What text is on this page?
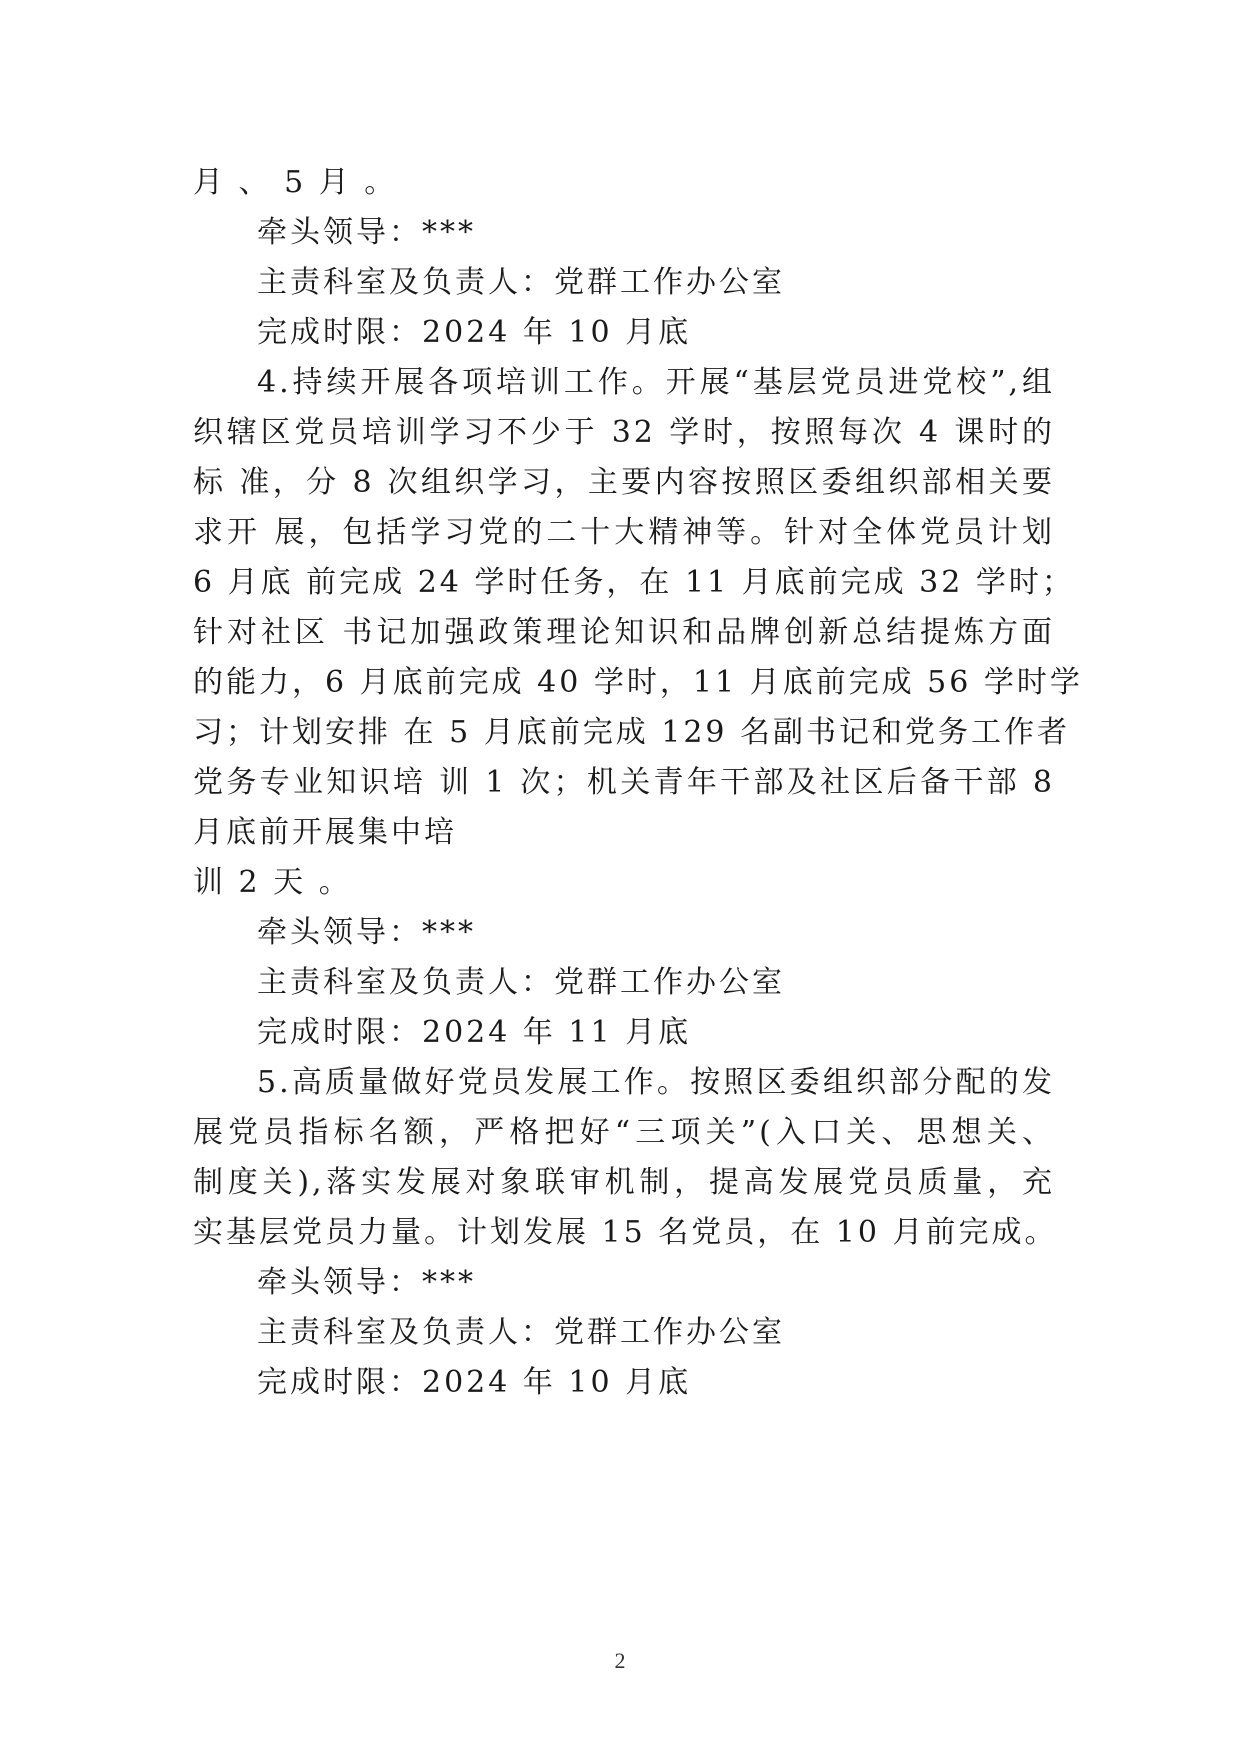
月 、 5 月 。
牵头领导：***
主责科室及负责人：党群工作办公室
完成时限：2024 年 10 月底
4.持续开展各项培训工作。开展“基层党员进党校”,组
织辖区党员培训学习不少于 32 学时，按照每次 4 课时的
标 准，分 8 次组织学习，主要内容按照区委组织部相关要
求开 展，包括学习党的二十大精神等。针对全体党员计划
6 月底 前完成 24 学时任务，在 11 月底前完成 32 学时；
针对社区 书记加强政策理论知识和品牌创新总结提炼方面
的能力，6 月底前完成 40 学时，11 月底前完成 56 学时学
习；计划安排 在 5 月底前完成 129 名副书记和党务工作者
党务专业知识培 训 1 次；机关青年干部及社区后备干部 8
月底前开展集中培
训 2 天 。
牵头领导：***
主责科室及负责人：党群工作办公室
完成时限：2024 年 11 月底
5.高质量做好党员发展工作。按照区委组织部分配的发
展党员指标名额，严格把好“三项关”(入口关、思想关、
制度关),落实发展对象联审机制，提高发展党员质量，充
实基层党员力量。计划发展 15 名党员，在 10 月前完成。
牵头领导：***
主责科室及负责人：党群工作办公室
完成时限：2024 年 10 月底
2
